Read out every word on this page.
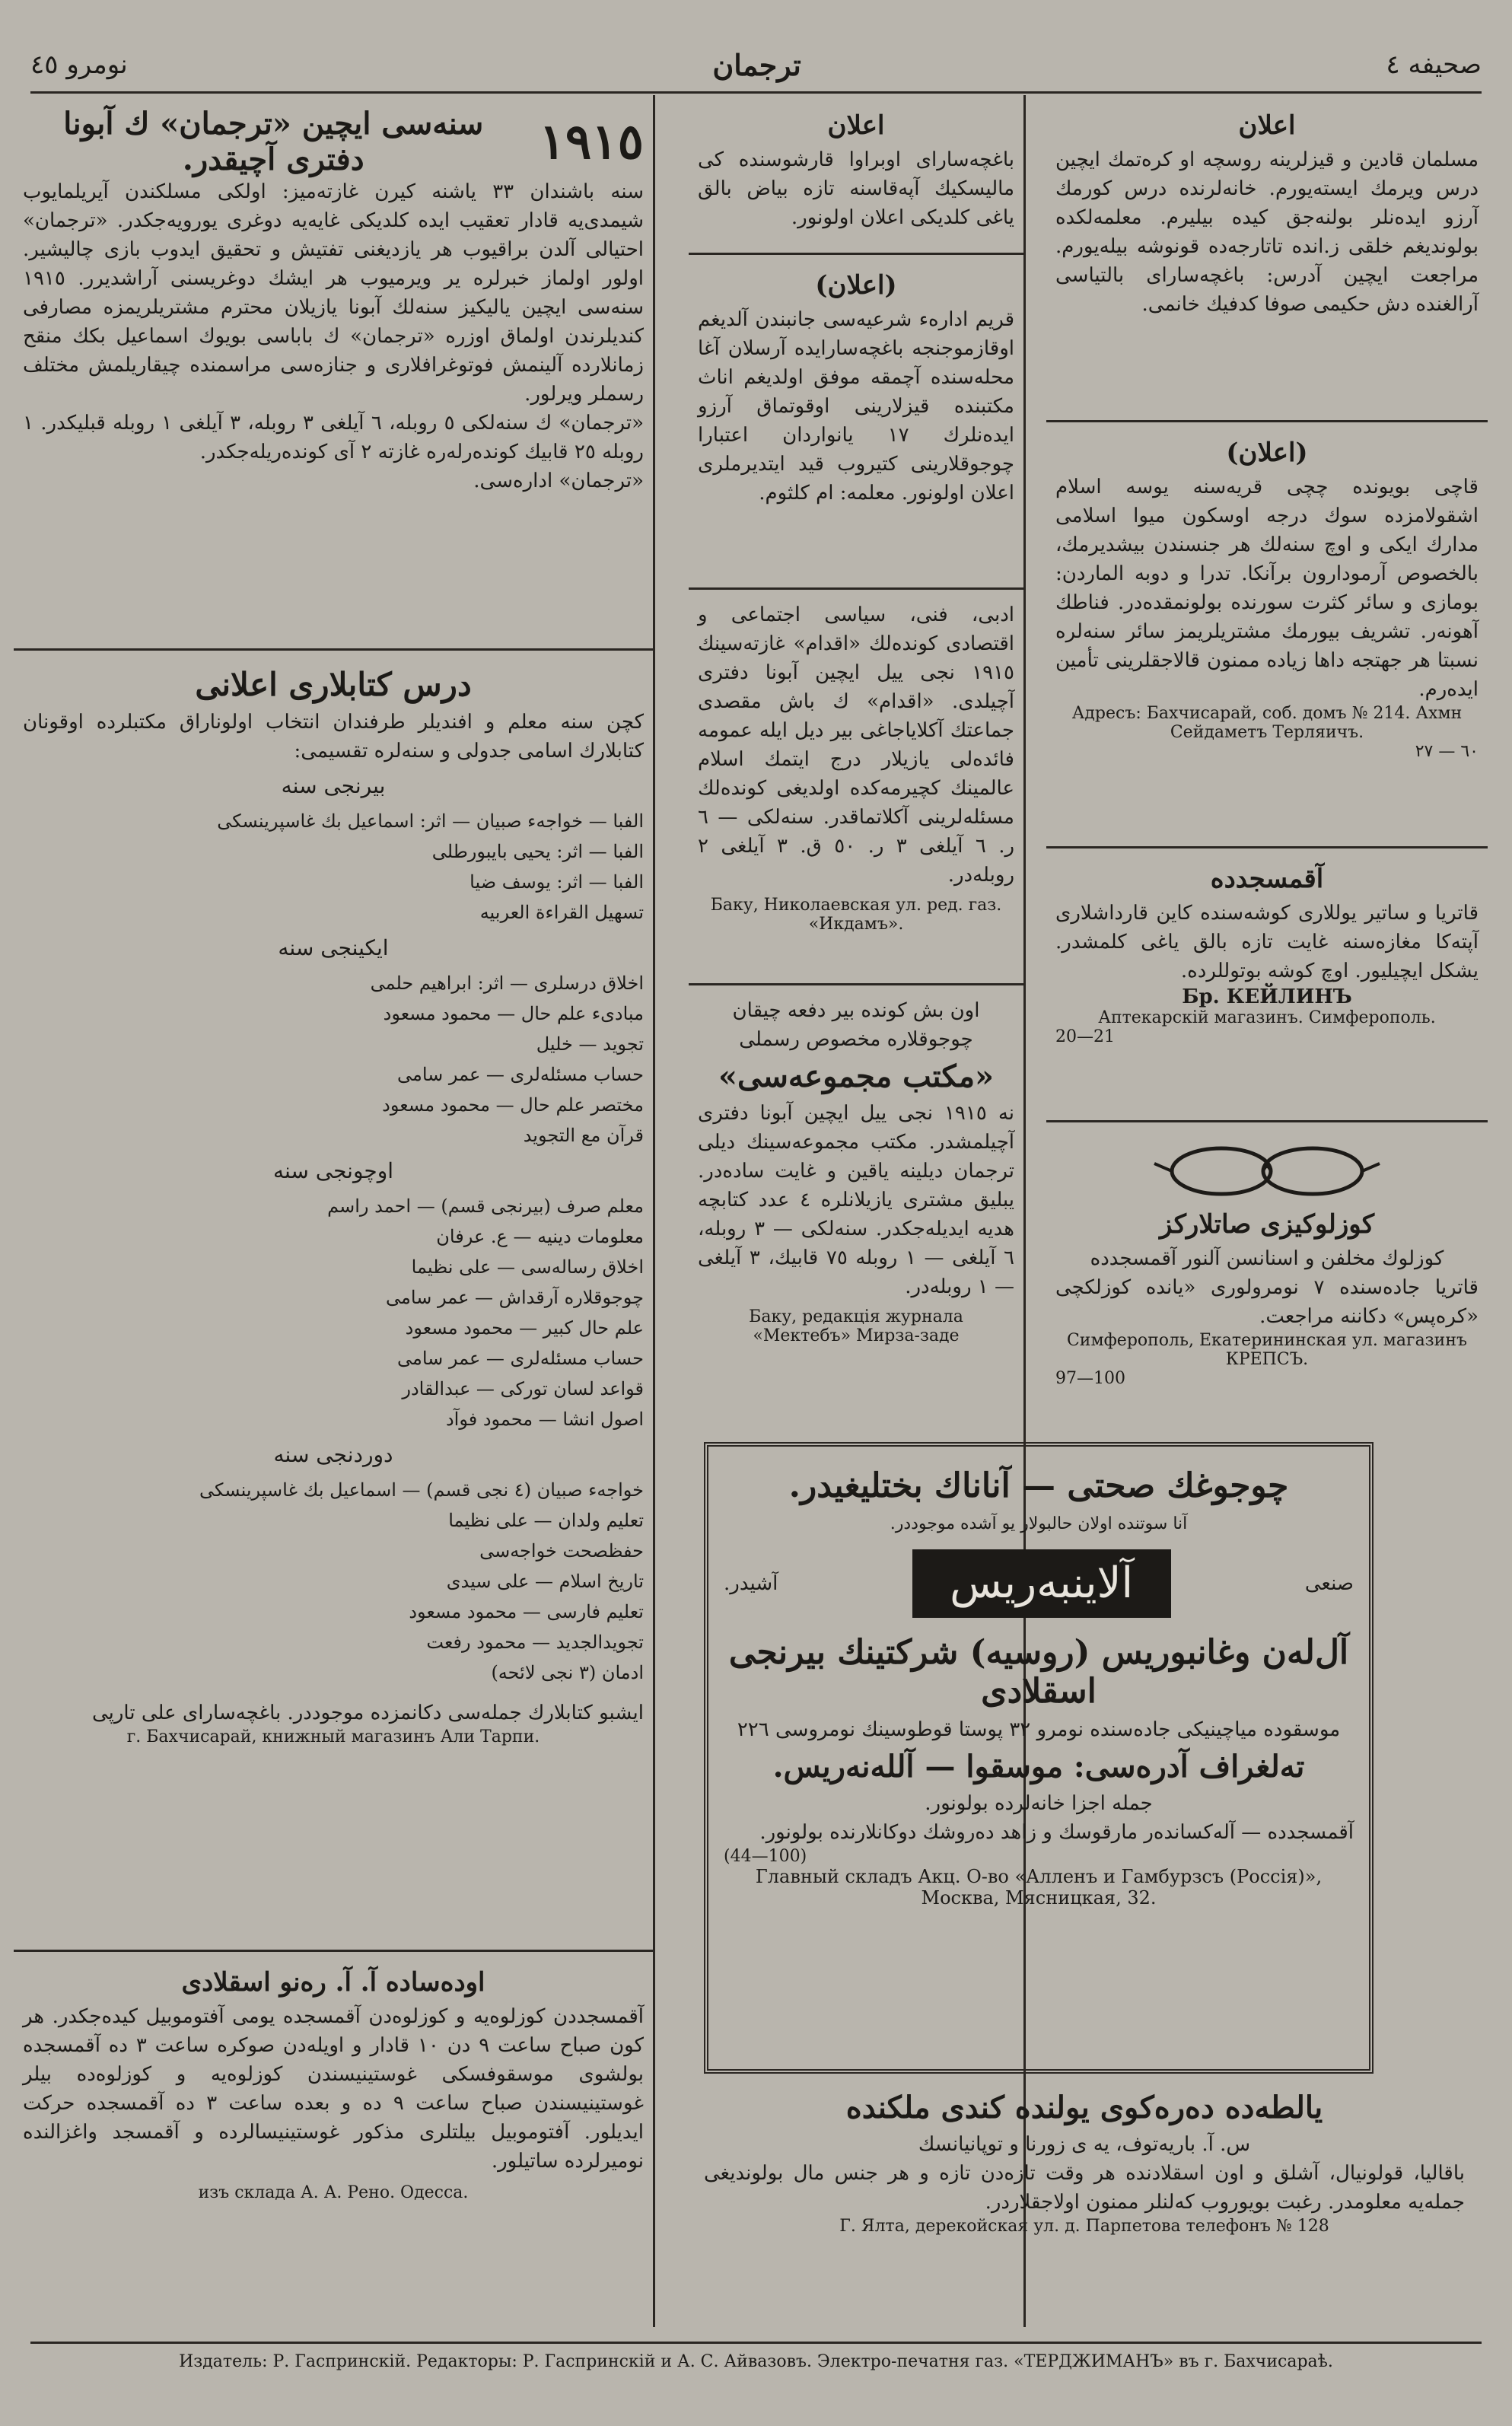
نومرو ٤٥	ترجمان	صحیفه ٤
١٩١٥
سنه‌سی ایچین «ترجمان» ك آبونا دفتری آچیقدر.
سنه باشندان ۳۳ یاشنه کیرن غازته‌میز: اولکی مسلکندن آیریلمایوب شیمدی‌یه قادار تعقیب ایده کلدیکی غایه‌یه دوغری یورویه‌جکدر. «ترجمان» احتیالی آلدن براقیوب هر یازدیغنی تفتیش و تحقیق ایدوب بازی چالیشیر. اولور اولماز خبرلره یر ویرمیوب هر ایشك دوغریسنی آراشدیرر. ١٩١٥ سنه‌سی ایچین یالیکیز سنه‌لك آبونا یازیلان محترم مشتریلریمزه مصارفی کندیلرندن اولماق اوزره «ترجمان» ك باباسی بویوك اسماعیل بکك منقح زمانلارده آلینمش فوتوغرافلاری و جنازه‌سی مراسمنده چیقاریلمش مختلف رسملر ویرلور.
«ترجمان» ك سنه‌لکی ٥ روبله، ٦ آیلغی ٣ روبله، ٣ آیلغی ١ روبله قبلیکدر. ١ روبله ٢٥ قابیك کونده‌رلەرە غازته ٢ آی کونده‌ریله‌جکدر.
«ترجمان» اداره‌سی.
درس کتابلاری اعلانی
کچن سنه معلم و افندیلر طرفندان انتخاب اولوناراق مکتبلرده اوقونان کتابلارك اسامی جدولی و سنه‌لره تقسیمی:
بیرنجی سنه
الفبا — خواجه‌ء صبیان — اثر: اسماعیل بك غاسپرینسکی
الفبا — اثر: یحیی بایبورطلی
الفبا — اثر: یوسف ضیا
تسهیل القراءة العربیه
ایکینجی سنه
اخلاق درسلری — اثر: ابراهیم حلمی
مبادیء علم حال — محمود مسعود
تجوید — خلیل
حساب مسئله‌لری — عمر سامی
مختصر علم حال — محمود مسعود
قرآن مع التجوید
اوچونجی سنه
معلم صرف (بیرنجی قسم) — احمد راسم
معلومات دینیه — ع. عرفان
اخلاق رساله‌سی — علی نظیما
چوجوقلاره آرقداش — عمر سامی
علم حال کبیر — محمود مسعود
حساب مسئله‌لری — عمر سامی
قواعد لسان تورکی — عبدالقادر
اصول انشا — محمود فوآد
دوردنجی سنه
خواجه‌ء صبیان (٤ نجی قسم) — اسماعیل بك غاسپرینسکی
تعلیم ولدان — علی نظیما
حفظصحت خواجه‌سی
تاریخ اسلام — علی سیدی
تعلیم فارسی — محمود مسعود
تجویدالجدید — محمود رفعت
ادمان (٣ نجی لائحه)
ایشبو کتابلارك جمله‌سی دکانمزده موجوددر. باغچه‌سارای علی تارپی
г. Бахчисарай, книжный магазинъ Али Тарпи.
اوده‌ساده آ. آ. رەنو اسقلادی
آقمسجددن کوزلوه‌یه و کوزلوه‌دن آقمسجده یومی آفتوموبیل کیده‌جکدر. هر کون صباح ساعت ٩ دن ١٠ قادار و اویله‌دن صوکره ساعت ٣ ده آقمسجده بولشوی موسقوفسکی غوستینیسندن کوزلوه‌یه و کوزلوه‌ده بیلر غوستینیسندن صباح ساعت ٩ ده و بعده ساعت ٣ ده آقمسجده حرکت ایدیلور. آفتوموبیل بیلتلری مذکور غوستینیسالرده و آقمسجد واغزالنده نومیرلرده ساتیلور.
изъ склада А. А. Рено. Одесса.
اعلان
باغچه‌سارای اوبراوا قارشوسنده کی مالیسکیك آپەقاسنه تازه بیاض بالق یاغی کلدیکی اعلان اولونور.
(اعلان)
قریم اداره‌ء شرعیه‌سی جانبندن آلدیغم اوقازموجنجه باغچه‌سارایده آرسلان آغا محله‌سنده آچمقه موفق اولدیغم اناث مکتبنده قیزلارینی اوقوتماق آرزو ایده‌نلرك ١٧ یانواردان اعتبارا چوجوقلارینی کتیروب قید ایتدیرملری اعلان اولونور. معلمه: ام کلثوم.
ادبی، فنی، سیاسی اجتماعی و اقتصادی کونده‌لك «اقدام» غازته‌سینك ١٩١٥ نجی ییل ایچین آبونا دفتری آچیلدی. «اقدام» ك باش مقصدی جماعتك آکلایاجاغی بیر دیل ایله عمومه فائده‌لی یازیلار درج ایتمك اسلام عالمینك کچیرمه‌کده اولدیغی کوندەلك مسئله‌لرینی آکلاتماقدر. سنه‌لکی — ٦ ر. ٦ آیلغی ٣ ر. ٥٠ ق. ٣ آیلغی ٢ روبله‌در.
Баку, Николаевская ул. ред. газ. «Икдамъ».
اون بش کونده بیر دفعه چیقان چوجوقلاره مخصوص رسملی
«مکتب مجموعه‌سی»
نه ١٩١٥ نجی ییل ایچین آبونا دفتری آچیلمشدر. مکتب مجموعه‌سینك دیلی ترجمان دیلینه یاقین و غایت ساده‌در. یبلیق مشتری یازیلانلره ٤ عدد کتابچه هدیه ایدیله‌جکدر. سنه‌لکی — ٣ روبله، ٦ آیلغی — ١ روبله ٧٥ قابیك، ٣ آیلغی — ١ روبله‌در.
Баку, редакція журнала «Мектебъ» Мирза-заде
اعلان
مسلمان قادین و قیزلرینه روسچه او کره‌تمك ایچین درس ویرمك ایسته‌یورم. خانه‌لرنده درس کورمك آرزو ایده‌نلر بولنه‌جق کیده بیلیرم. معلمه‌لکده بولوندیغم خلقی ز.انده تاتارجه‌ده قونوشه بیله‌یورم. مراجعت ایچین آدرس: باغچه‌سارای بالتیاسی آرالغنده دش حکیمی صوفا کدفیك خانمی.
(اعلان)
قاچی بویونده چچی قریه‌سنه یوسه اسلام اشقولامزده سوك درجه اوسکون میوا اسلامی مدارك ایکی و اوچ سنه‌لك هر جنسندن بیشدیرمك، بالخصوص آرمودارون برآنکا. تدرا و دوبه الماردن: بومازی و سائر کثرت سورنده بولونمقده‌در. فناطك آهونەر. تشریف بیورمك مشتریلریمز سائر سنه‌لره نسبتا هر جهتجه داها زیاده ممنون قالاجقلرینی تأمین ایده‌رم.
Адресъ: Бахчисарай, соб. домъ № 214. Ахмн Сейдаметъ Терляичъ.
٦٠ — ٢٧
آقمسجدده
قاتریا و ساتیر یوللاری کوشه‌سنده کاین قارداشلاری آپته‌کا مغازه‌سنه غایت تازه بالق یاغی کلمشدر. یشکل ایچیلیور. اوچ کوشه بوتوللرده.
Бр. КЕЙЛИНЪ
Аптекарскій магазинъ. Симферополь.
20—21
کوزلوکیزی صاتلارکز
کوزلوك مخلفن و اسنانسن آلنور آقمسجدده
قاتریا جاده‌سنده ٧ نومرولوری «یانده کوزلکچی «کرەپس» دکاننه مراجعت.
Симферополь, Екатерининская ул. магазинъ КРЕПСЪ.
97—100
چوجوغك صحتی — آناناك بختلیغیدر.
آنا سوتنده اولان حالبولار یو آشده موجوددر.
صنعی
آلاینبەریس
آشیدر.
آل‌له‌ن وغانبوریس (روسیه) شرکتینك بیرنجی اسقلادی
موسقوده میاچینیکی جاده‌سنده نومرو ٣٢ پوستا قوطوسینك نومروسی ٢٢٦
تەلغراف آدرەسی: موسقوا — آللەنەریس.
جمله اجزا خانه‌لرده بولونور.
آقمسجدده — آله‌کساندەر مارقوسك و زاهد دەروشك دوكانلارنده بولونور.
(44—100)
Главный складъ Акц. О-во «Алленъ и Гамбурзсъ (Россія)», Москва, Мясницкая, 32.
یالطه‌ده دەرەکوی یولنده کندی ملکنده
س. آ. باریه‌توف، یه ی زورنا و توپانیانسك
باقالیا، قولونیال، آشلق و اون اسقلادنده هر وقت تازه‌دن تازه و هر جنس مال بولوندیغی جمله‌یه معلومدر. رغبت بویوروب کەلنلر ممنون اولاجقلاردر.
Г. Ялта, дерекойская ул. д. Парпетова телефонъ № 128
Издатель: Р. Гаспринскій. Редакторы: Р. Гаспринскій и А. С. Айвазовъ. Электро-печатня газ. «ТЕРДЖИМАНЪ» въ г. Бахчисараѣ.
